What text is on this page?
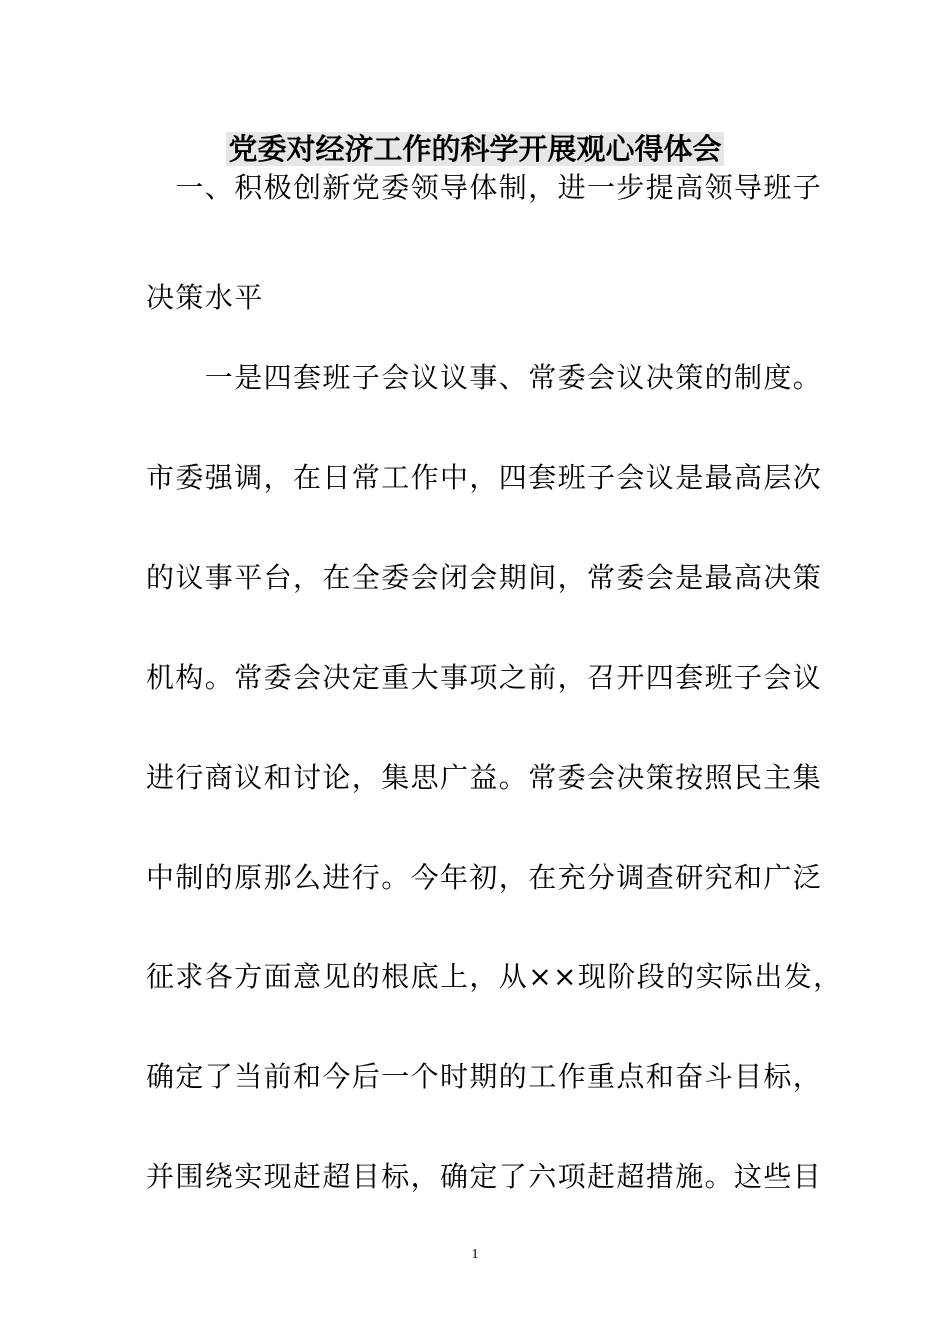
党委对经济工作的科学开展观心得体会
　一、积极创新党委领导体制，进一步提高领导班子
决策水平
　　一是四套班子会议议事、常委会议决策的制度。
市委强调，在日常工作中，四套班子会议是最高层次
的议事平台，在全委会闭会期间，常委会是最高决策
机构。常委会决定重大事项之前，召开四套班子会议
进行商议和讨论，集思广益。常委会决策按照民主集
中制的原那么进行。今年初，在充分调查研究和广泛
征求各方面意见的根底上，从××现阶段的实际出发，
确定了当前和今后一个时期的工作重点和奋斗目标，
并围绕实现赶超目标，确定了六项赶超措施。这些目
1
